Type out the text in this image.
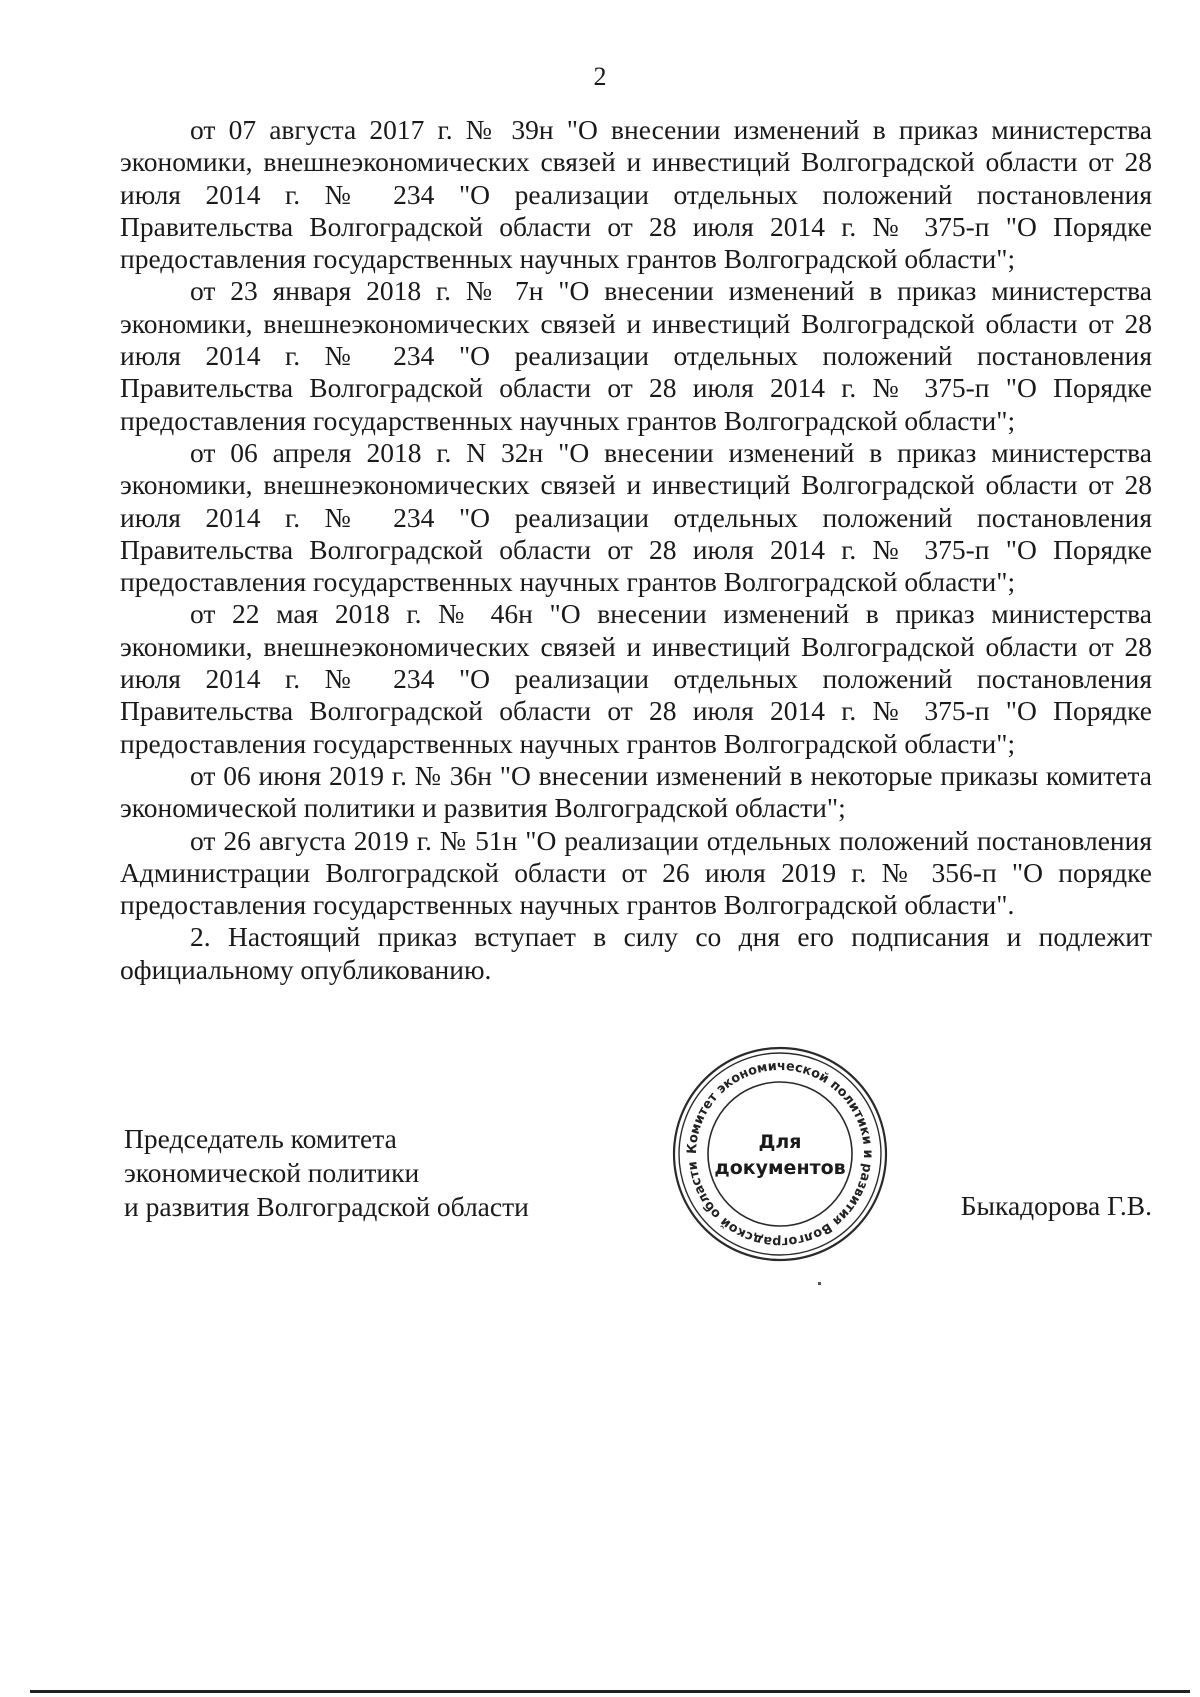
2

от 07 августа 2017 г. № 39н "О внесении изменений в приказ министерства экономики, внешнеэкономических связей и инвестиций Волгоградской области от 28 июля 2014 г. № 234 "О реализации отдельных положений постановления Правительства Волгоградской области от 28 июля 2014 г. № 375-п "О Порядке предоставления государственных научных грантов Волгоградской области";

от 23 января 2018 г. № 7н "О внесении изменений в приказ министерства экономики, внешнеэкономических связей и инвестиций Волгоградской области от 28 июля 2014 г. № 234 "О реализации отдельных положений постановления Правительства Волгоградской области от 28 июля 2014 г. № 375-п "О Порядке предоставления государственных научных грантов Волгоградской области";

от 06 апреля 2018 г. N 32н "О внесении изменений в приказ министерства экономики, внешнеэкономических связей и инвестиций Волгоградской области от 28 июля 2014 г. № 234 "О реализации отдельных положений постановления Правительства Волгоградской области от 28 июля 2014 г. № 375-п "О Порядке предоставления государственных научных грантов Волгоградской области";

от 22 мая 2018 г. № 46н "О внесении изменений в приказ министерства экономики, внешнеэкономических связей и инвестиций Волгоградской области от 28 июля 2014 г. № 234 "О реализации отдельных положений постановления Правительства Волгоградской области от 28 июля 2014 г. № 375-п "О Порядке предоставления государственных научных грантов Волгоградской области";

от 06 июня 2019 г. № 36н "О внесении изменений в некоторые приказы комитета экономической политики и развития Волгоградской области";

от 26 августа 2019 г. № 51н "О реализации отдельных положений постановления Администрации Волгоградской области от 26 июля 2019 г. № 356-п "О порядке предоставления государственных научных грантов Волгоградской области".

2. Настоящий приказ вступает в силу со дня его подписания и подлежит официальному опубликованию.

Председатель комитета
экономической политики
и развития Волгоградской области
Комитет экономической политики и развития Волгоградской области
Для
документов
Быкадорова Г.В.
